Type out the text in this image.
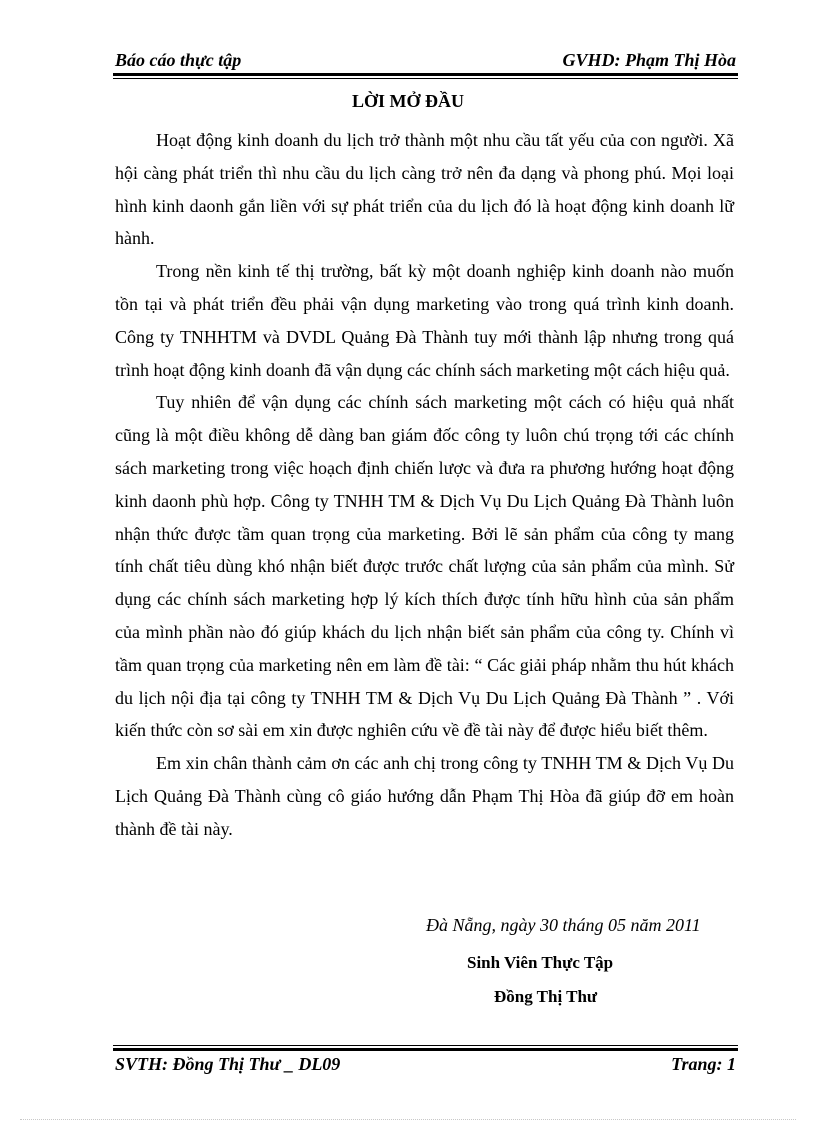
Báo cáo thực tập	GVHD: Phạm Thị Hòa
LỜI MỞ ĐẦU

Hoạt động kinh doanh du lịch trở thành một nhu cầu tất yếu của con người. Xã hội càng phát triển thì nhu cầu du lịch càng trở nên đa dạng và phong phú. Mọi loại hình kinh daonh gắn liền với sự phát triển của du lịch đó là hoạt động kinh doanh lữ hành.

Trong nền kinh tế thị trường, bất kỳ một doanh nghiệp kinh doanh nào muốn tồn tại và phát triển đều phải vận dụng marketing vào trong quá trình kinh doanh. Công ty TNHHTM và DVDL Quảng Đà Thành tuy mới thành lập nhưng trong quá trình hoạt động kinh doanh đã vận dụng các chính sách marketing một cách hiệu quả.

Tuy nhiên để vận dụng các chính sách marketing một cách có hiệu quả nhất cũng là một điều không dễ dàng ban giám đốc công ty luôn chú trọng tới các chính sách marketing trong việc hoạch định chiến lược và đưa ra phương hướng hoạt động kinh daonh phù hợp. Công ty TNHH TM & Dịch Vụ Du Lịch Quảng Đà Thành luôn nhận thức được tầm quan trọng của marketing. Bởi lẽ sản phẩm của công ty mang tính chất tiêu dùng khó nhận biết được trước chất lượng của sản phẩm của mình. Sử dụng các chính sách marketing hợp lý kích thích được tính hữu hình của sản phẩm của mình phần nào đó giúp khách du lịch nhận biết sản phẩm của công ty. Chính vì tầm quan trọng của marketing nên em làm đề tài: “ Các giải pháp nhằm thu hút khách du lịch nội địa tại công ty TNHH TM & Dịch Vụ Du Lịch Quảng Đà Thành ” . Với kiến thức còn sơ sài em xin được nghiên cứu về đề tài này để được hiểu biết thêm.

Em xin chân thành cảm ơn các anh chị trong công ty TNHH TM & Dịch Vụ Du Lịch Quảng Đà Thành cùng cô giáo hướng dẫn Phạm Thị Hòa đã giúp đỡ em hoàn thành đề tài này.

Đà Nẵng, ngày 30 tháng 05 năm 2011
Sinh Viên Thực Tập
Đồng Thị Thư
SVTH: Đồng Thị Thư _ DL09	Trang: 1
